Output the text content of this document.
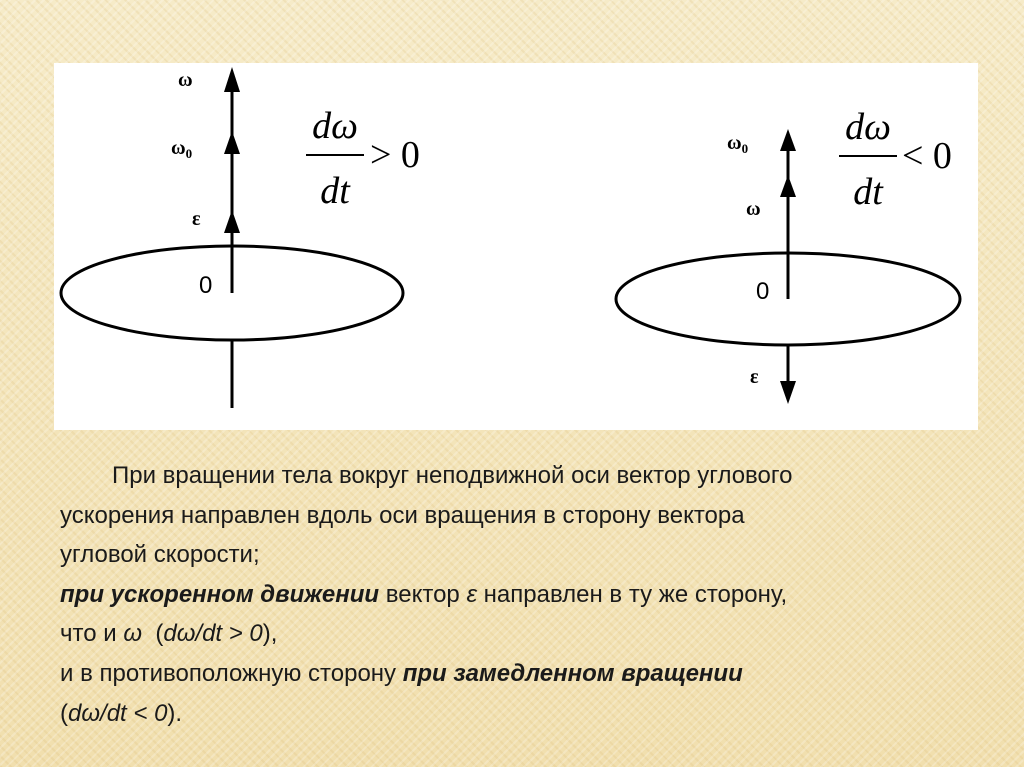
ω
$\omega_0$
ε
0
dω
dt
> 0	$\omega_0$
ω
0
ε
dω
dt
< 0
При вращении тела вокруг неподвижной оси вектор углового
ускорения направлен вдоль оси вращения в сторону вектора
угловой скорости;
при ускоренном движении вектор ε направлен в ту же сторону,
что и ω  (dω/dt > 0),
и в противоположную сторону при замедленном вращении
(dω/dt < 0).
